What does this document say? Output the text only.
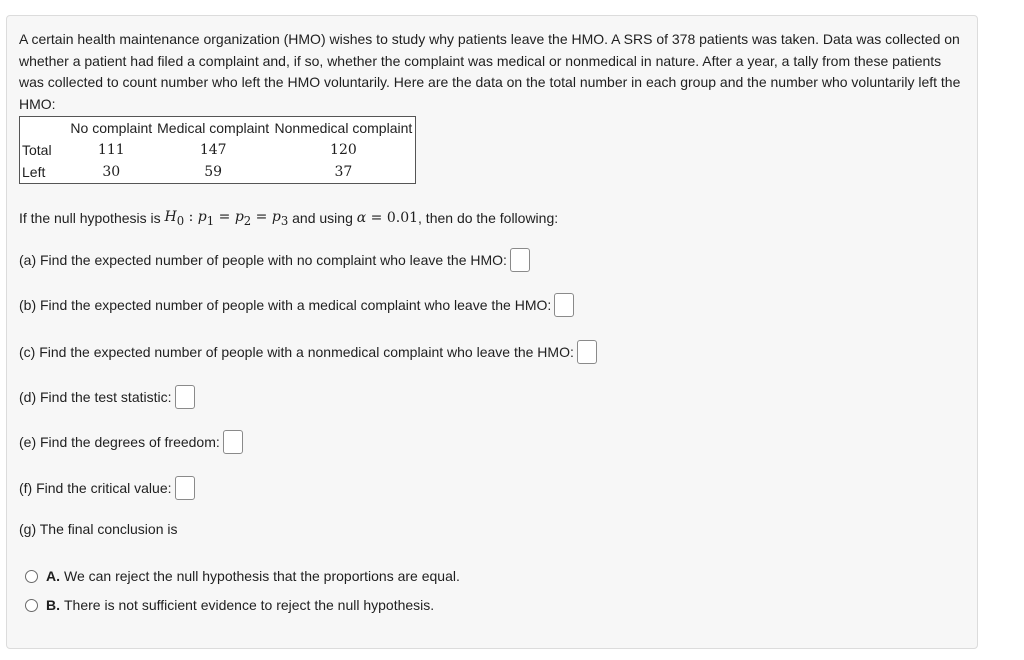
A certain health maintenance organization (HMO) wishes to study why patients leave the HMO. A SRS of 378 patients was taken. Data was collected on whether a patient had filed a complaint and, if so, whether the complaint was medical or nonmedical in nature. After a year, a tally from these patients was collected to count number who left the HMO voluntarily. Here are the data on the total number in each group and the number who voluntarily left the HMO:

	No complaint	Medical complaint	Nonmedical complaint
Total	111	147	120
Left	30	59	37
If the null hypothesis is
$H_0$ : $p_1 = p_2 = p_3$
and using
α = 0.01 , then do the following:
(a) Find the expected number of people with no complaint who leave the HMO:
(b) Find the expected number of people with a medical complaint who leave the HMO:
(c) Find the expected number of people with a nonmedical complaint who leave the HMO:
(d) Find the test statistic:
(e) Find the degrees of freedom:
(f) Find the critical value:
(g) The final conclusion is
A. We can reject the null hypothesis that the proportions are equal.
B. There is not sufficient evidence to reject the null hypothesis.
